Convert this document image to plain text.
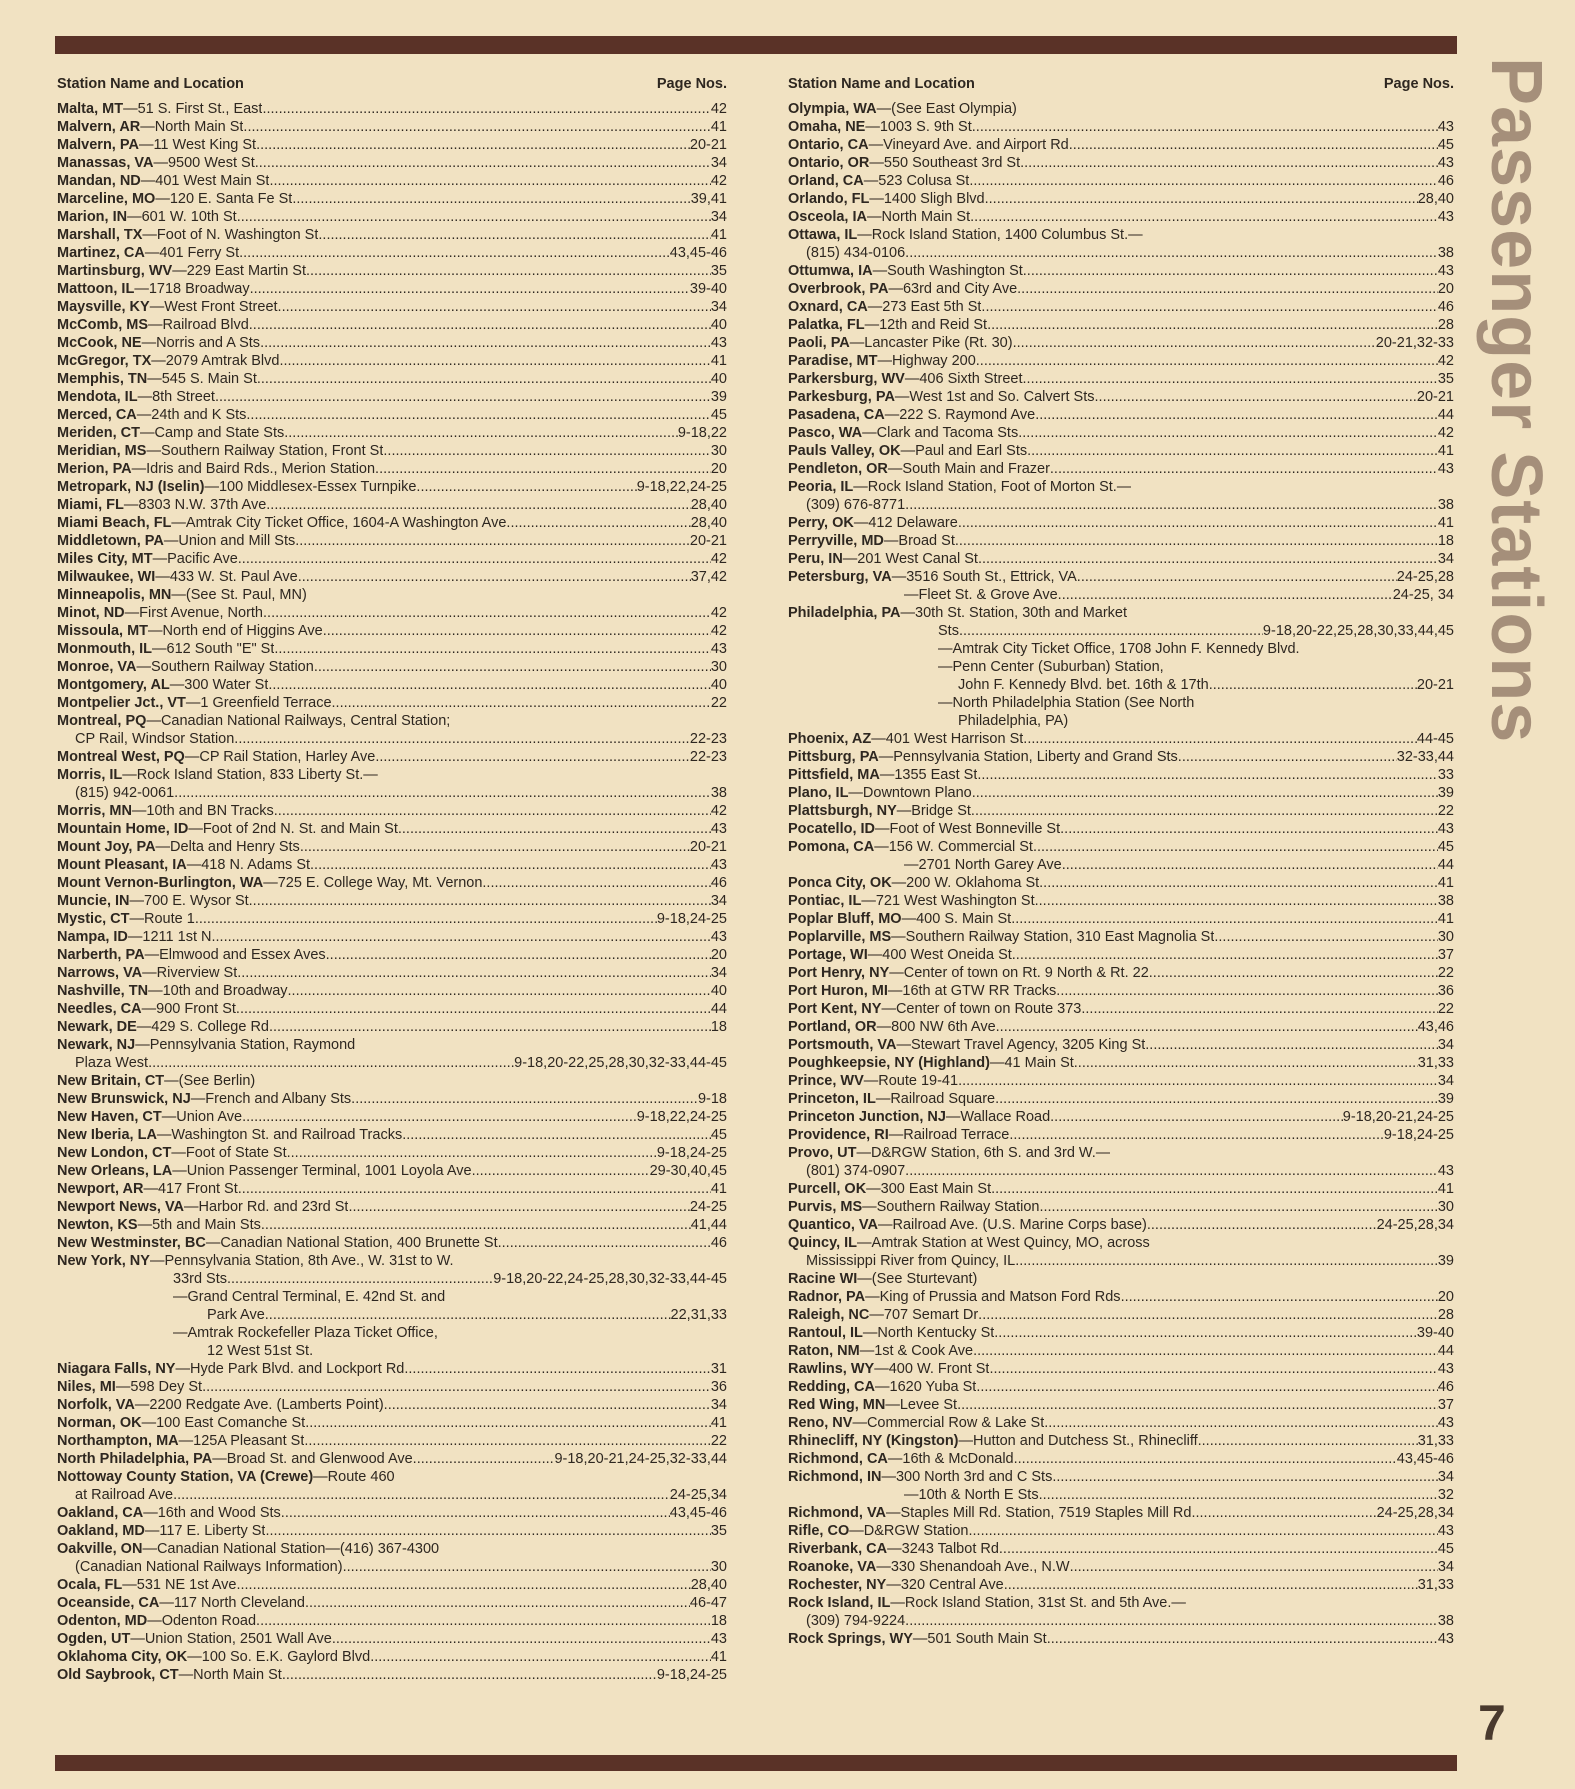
Station Name and Location	Page Nos.
Malta, MT—51 S. First St., East .....	42
Malvern, AR—North Main St .....	41
Malvern, PA—11 West King St .....	20-21
Manassas, VA—9500 West St .....	34
Mandan, ND—401 West Main St .....	42
Marceline, MO—120 E. Santa Fe St .....	39,41
Marion, IN—601 W. 10th St .....	34
Marshall, TX—Foot of N. Washington St .....	41
Martinez, CA—401 Ferry St .....	43,45-46
Martinsburg, WV—229 East Martin St .....	35
Mattoon, IL—1718 Broadway .....	39-40
Maysville, KY—West Front Street .....	34
McComb, MS—Railroad Blvd .....	40
McCook, NE—Norris and A Sts .....	43
McGregor, TX—2079 Amtrak Blvd .....	41
Memphis, TN—545 S. Main St .....	40
Mendota, IL—8th Street .....	39
Merced, CA—24th and K Sts .....	45
Meriden, CT—Camp and State Sts .....	9-18,22
Meridian, MS—Southern Railway Station, Front St .....	30
Merion, PA—Idris and Baird Rds., Merion Station .....	20
Metropark, NJ (Iselin)—100 Middlesex-Essex Turnpike .....	9-18,22,24-25
Miami, FL—8303 N.W. 37th Ave .....	28,40
Miami Beach, FL—Amtrak City Ticket Office, 1604-A Washington Ave .....	28,40
Middletown, PA—Union and Mill Sts .....	20-21
Miles City, MT—Pacific Ave .....	42
Milwaukee, WI—433 W. St. Paul Ave .....	37,42
Minneapolis, MN—(See St. Paul, MN)
Minot, ND—First Avenue, North .....	42
Missoula, MT—North end of Higgins Ave .....	42
Monmouth, IL—612 South "E" St .....	43
Monroe, VA—Southern Railway Station .....	30
Montgomery, AL—300 Water St .....	40
Montpelier Jct., VT—1 Greenfield Terrace .....	22
Montreal, PQ—Canadian National Railways, Central Station;
CP Rail, Windsor Station .....	22-23
Montreal West, PQ—CP Rail Station, Harley Ave .....	22-23
Morris, IL—Rock Island Station, 833 Liberty St.—
(815) 942-0061 .....	38
Morris, MN—10th and BN Tracks .....	42
Mountain Home, ID—Foot of 2nd N. St. and Main St .....	43
Mount Joy, PA—Delta and Henry Sts .....	20-21
Mount Pleasant, IA—418 N. Adams St .....	43
Mount Vernon-Burlington, WA—725 E. College Way, Mt. Vernon .....	46
Muncie, IN—700 E. Wysor St .....	34
Mystic, CT—Route 1 .....	9-18,24-25
Nampa, ID—1211 1st N .....	43
Narberth, PA—Elmwood and Essex Aves .....	20
Narrows, VA—Riverview St .....	34
Nashville, TN—10th and Broadway .....	40
Needles, CA—900 Front St .....	44
Newark, DE—429 S. College Rd .....	18
Newark, NJ—Pennsylvania Station, Raymond
Plaza West .....	9-18,20-22,25,28,30,32-33,44-45
New Britain, CT—(See Berlin)
New Brunswick, NJ—French and Albany Sts .....	9-18
New Haven, CT—Union Ave .....	9-18,22,24-25
New Iberia, LA—Washington St. and Railroad Tracks .....	45
New London, CT—Foot of State St .....	9-18,24-25
New Orleans, LA—Union Passenger Terminal, 1001 Loyola Ave .....	29-30,40,45
Newport, AR—417 Front St .....	41
Newport News, VA—Harbor Rd. and 23rd St .....	24-25
Newton, KS—5th and Main Sts .....	41,44
New Westminster, BC—Canadian National Station, 400 Brunette St .....	46
New York, NY—Pennsylvania Station, 8th Ave., W. 31st to W.
33rd Sts .....	9-18,20-22,24-25,28,30,32-33,44-45
—Grand Central Terminal, E. 42nd St. and
Park Ave .....	22,31,33
—Amtrak Rockefeller Plaza Ticket Office,
12 West 51st St.
Niagara Falls, NY—Hyde Park Blvd. and Lockport Rd .....	31
Niles, MI—598 Dey St .....	36
Norfolk, VA—2200 Redgate Ave. (Lamberts Point) .....	34
Norman, OK—100 East Comanche St .....	41
Northampton, MA—125A Pleasant St .....	22
North Philadelphia, PA—Broad St. and Glenwood Ave .....	9-18,20-21,24-25,32-33,44
Nottoway County Station, VA (Crewe)—Route 460
at Railroad Ave .....	24-25,34
Oakland, CA—16th and Wood Sts .....	43,45-46
Oakland, MD—117 E. Liberty St .....	35
Oakville, ON—Canadian National Station—(416) 367-4300
(Canadian National Railways Information) .....	30
Ocala, FL—531 NE 1st Ave .....	28,40
Oceanside, CA—117 North Cleveland .....	46-47
Odenton, MD—Odenton Road .....	18
Ogden, UT—Union Station, 2501 Wall Ave .....	43
Oklahoma City, OK—100 So. E.K. Gaylord Blvd .....	41
Old Saybrook, CT—North Main St .....	9-18,24-25
Station Name and Location	Page Nos.
Olympia, WA—(See East Olympia)
Omaha, NE—1003 S. 9th St .....	43
Ontario, CA—Vineyard Ave. and Airport Rd .....	45
Ontario, OR—550 Southeast 3rd St .....	43
Orland, CA—523 Colusa St .....	46
Orlando, FL—1400 Sligh Blvd .....	28,40
Osceola, IA—North Main St .....	43
Ottawa, IL—Rock Island Station, 1400 Columbus St.—
(815) 434-0106 .....	38
Ottumwa, IA—South Washington St .....	43
Overbrook, PA—63rd and City Ave .....	20
Oxnard, CA—273 East 5th St .....	46
Palatka, FL—12th and Reid St .....	28
Paoli, PA—Lancaster Pike (Rt. 30) .....	20-21,32-33
Paradise, MT—Highway 200 .....	42
Parkersburg, WV—406 Sixth Street .....	35
Parkesburg, PA—West 1st and So. Calvert Sts .....	20-21
Pasadena, CA—222 S. Raymond Ave .....	44
Pasco, WA—Clark and Tacoma Sts .....	42
Pauls Valley, OK—Paul and Earl Sts .....	41
Pendleton, OR—South Main and Frazer .....	43
Peoria, IL—Rock Island Station, Foot of Morton St.—
(309) 676-8771 .....	38
Perry, OK—412 Delaware .....	41
Perryville, MD—Broad St .....	18
Peru, IN—201 West Canal St .....	34
Petersburg, VA—3516 South St., Ettrick, VA .....	24-25,28
—Fleet St. & Grove Ave .....	24-25, 34
Philadelphia, PA—30th St. Station, 30th and Market
Sts .....	9-18,20-22,25,28,30,33,44,45
—Amtrak City Ticket Office, 1708 John F. Kennedy Blvd.
—Penn Center (Suburban) Station,
John F. Kennedy Blvd. bet. 16th & 17th .....	20-21
—North Philadelphia Station (See North
Philadelphia, PA)
Phoenix, AZ—401 West Harrison St .....	44-45
Pittsburg, PA—Pennsylvania Station, Liberty and Grand Sts .....	32-33,44
Pittsfield, MA—1355 East St .....	33
Plano, IL—Downtown Plano .....	39
Plattsburgh, NY—Bridge St .....	22
Pocatello, ID—Foot of West Bonneville St .....	43
Pomona, CA—156 W. Commercial St .....	45
—2701 North Garey Ave .....	44
Ponca City, OK—200 W. Oklahoma St .....	41
Pontiac, IL—721 West Washington St .....	38
Poplar Bluff, MO—400 S. Main St .....	41
Poplarville, MS—Southern Railway Station, 310 East Magnolia St .....	30
Portage, WI—400 West Oneida St .....	37
Port Henry, NY—Center of town on Rt. 9 North & Rt. 22 .....	22
Port Huron, MI—16th at GTW RR Tracks .....	36
Port Kent, NY—Center of town on Route 373 .....	22
Portland, OR—800 NW 6th Ave .....	43,46
Portsmouth, VA—Stewart Travel Agency, 3205 King St .....	34
Poughkeepsie, NY (Highland)—41 Main St .....	31,33
Prince, WV—Route 19-41 .....	34
Princeton, IL—Railroad Square .....	39
Princeton Junction, NJ—Wallace Road .....	9-18,20-21,24-25
Providence, RI—Railroad Terrace .....	9-18,24-25
Provo, UT—D&RGW Station, 6th S. and 3rd W.—
(801) 374-0907 .....	43
Purcell, OK—300 East Main St .....	41
Purvis, MS—Southern Railway Station .....	30
Quantico, VA—Railroad Ave. (U.S. Marine Corps base) .....	24-25,28,34
Quincy, IL—Amtrak Station at West Quincy, MO, across
Mississippi River from Quincy, IL .....	39
Racine WI—(See Sturtevant)
Radnor, PA—King of Prussia and Matson Ford Rds .....	20
Raleigh, NC—707 Semart Dr .....	28
Rantoul, IL—North Kentucky St .....	39-40
Raton, NM—1st & Cook Ave .....	44
Rawlins, WY—400 W. Front St .....	43
Redding, CA—1620 Yuba St .....	46
Red Wing, MN—Levee St .....	37
Reno, NV—Commercial Row & Lake St .....	43
Rhinecliff, NY (Kingston)—Hutton and Dutchess St., Rhinecliff .....	31,33
Richmond, CA—16th & McDonald .....	43,45-46
Richmond, IN—300 North 3rd and C Sts .....	34
—10th & North E Sts .....	32
Richmond, VA—Staples Mill Rd. Station, 7519 Staples Mill Rd .....	24-25,28,34
Rifle, CO—D&RGW Station .....	43
Riverbank, CA—3243 Talbot Rd .....	45
Roanoke, VA—330 Shenandoah Ave., N.W .....	34
Rochester, NY—320 Central Ave .....	31,33
Rock Island, IL—Rock Island Station, 31st St. and 5th Ave.—
(309) 794-9224 .....	38
Rock Springs, WY—501 South Main St .....	43
Passenger Stations
7
